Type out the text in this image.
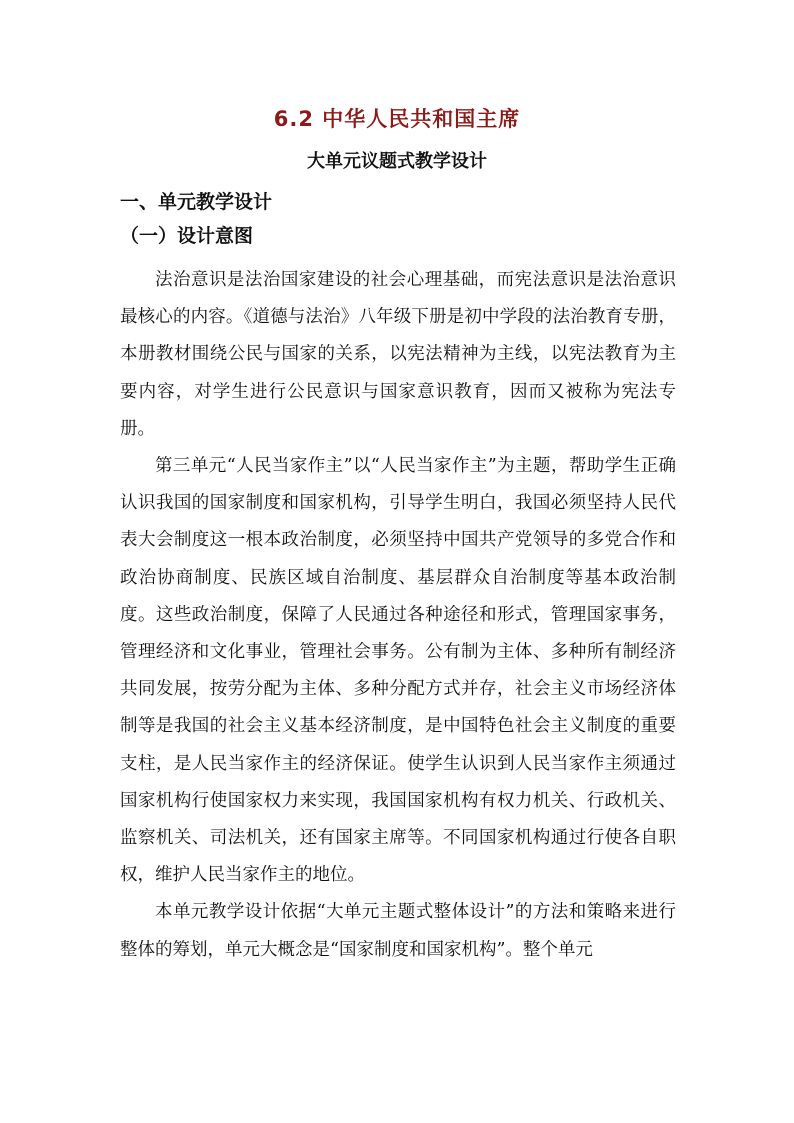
6.2 中华人民共和国主席
大单元议题式教学设计
一、单元教学设计
（一）设计意图

法治意识是法治国家建设的社会心理基础，而宪法意识是法治意识最核心的内容。《道德与法治》八年级下册是初中学段的法治教育专册，本册教材围绕公民与国家的关系，以宪法精神为主线，以宪法教育为主要内容，对学生进行公民意识与国家意识教育，因而又被称为宪法专册。

第三单元“人民当家作主”以“人民当家作主”为主题，帮助学生正确认识我国的国家制度和国家机构，引导学生明白，我国必须坚持人民代表大会制度这一根本政治制度，必须坚持中国共产党领导的多党合作和政治协商制度、民族区域自治制度、基层群众自治制度等基本政治制度。这些政治制度，保障了人民通过各种途径和形式，管理国家事务，管理经济和文化事业，管理社会事务。公有制为主体、多种所有制经济共同发展，按劳分配为主体、多种分配方式并存，社会主义市场经济体制等是我国的社会主义基本经济制度，是中国特色社会主义制度的重要支柱，是人民当家作主的经济保证。使学生认识到人民当家作主须通过国家机构行使国家权力来实现，我国国家机构有权力机关、行政机关、监察机关、司法机关，还有国家主席等。不同国家机构通过行使各自职权，维护人民当家作主的地位。

本单元教学设计依据“大单元主题式整体设计”的方法和策略来进行整体的筹划，单元大概念是“国家制度和国家机构”。整个单元
